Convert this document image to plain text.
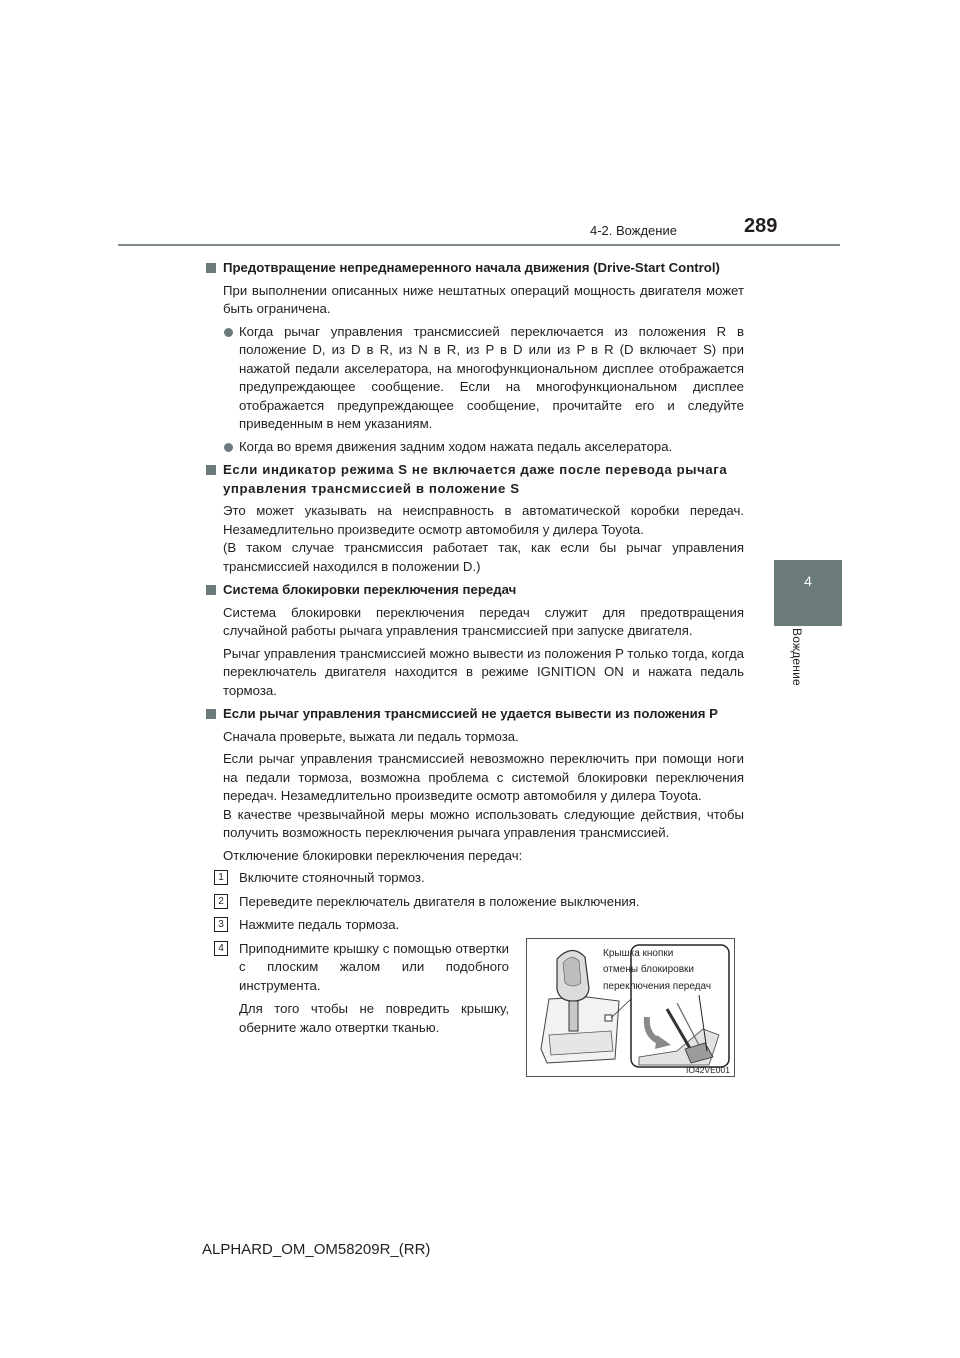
4-2. Вождение	289
4
Вождение
Предотвращение непреднамеренного начала движения (Drive-Start Control)
При выполнении описанных ниже нештатных операций мощность двигателя может быть ограничена.
Когда рычаг управления трансмиссией переключается из положения R в положение D, из D в R, из N в R, из P в D или из P в R (D включает S) при нажатой педали акселератора, на многофункциональном дисплее отображается предупреждающее сообщение. Если на многофункциональном дисплее отображается предупреждающее сообщение, прочитайте его и следуйте приведенным в нем указаниям.
Когда во время движения задним ходом нажата педаль акселератора.
Если индикатор режима S не включается даже после перевода рычага управления трансмиссией в положение S
Это может указывать на неисправность в автоматической коробки передач. Незамедлительно произведите осмотр автомобиля у дилера Toyota.
(В таком случае трансмиссия работает так, как если бы рычаг управления трансмиссией находился в положении D.)
Система блокировки переключения передач
Система блокировки переключения передач служит для предотвращения случайной работы рычага управления трансмиссией при запуске двигателя.
Рычаг управления трансмиссией можно вывести из положения P только тогда, когда переключатель двигателя находится в режиме IGNITION ON и нажата педаль тормоза.
Если рычаг управления трансмиссией не удается вывести из положения P
Сначала проверьте, выжата ли педаль тормоза.
Если рычаг управления трансмиссией невозможно переключить при помощи ноги на педали тормоза, возможна проблема с системой блокировки переключения передач. Незамедлительно произведите осмотр автомобиля у дилера Toyota.
В качестве чрезвычайной меры можно использовать следующие действия, чтобы получить возможность переключения рычага управления трансмиссией.
Отключение блокировки переключения передач:
1	Включите стояночный тормоз.
2	Переведите переключатель двигателя в положение выключения.
3	Нажмите педаль тормоза.
4	Приподнимите крышку с помощью отвертки с плоским жалом или подобного инструмента.
Для того чтобы не повредить крышку, оберните жало отвертки тканью.
Крышка кнопки
отмены блокировки
переключения передач
IO42VE001
ALPHARD_OM_OM58209R_(RR)
